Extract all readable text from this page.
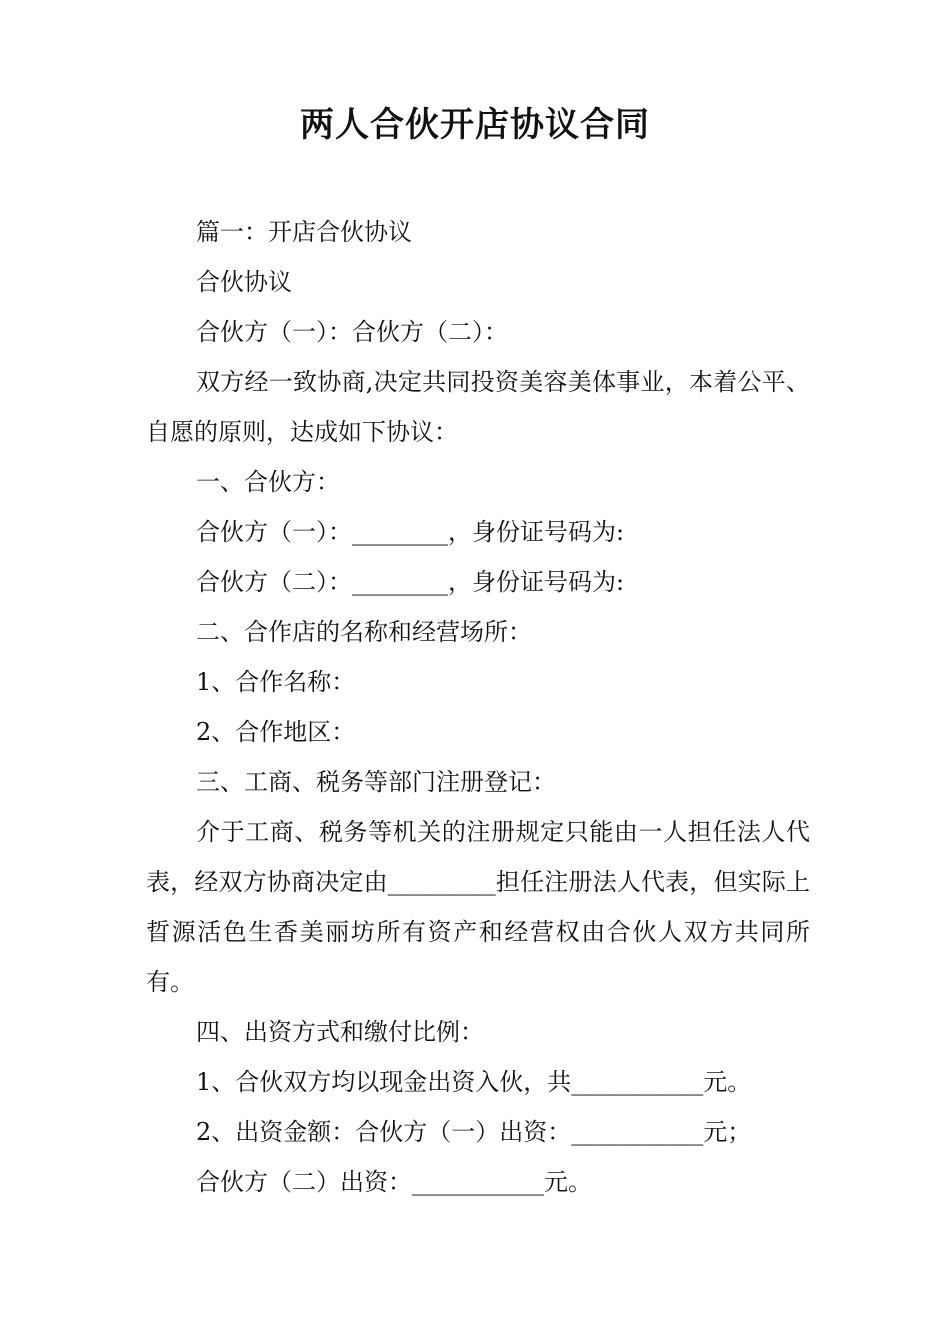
两人合伙开店协议合同

篇一：开店合伙协议

合伙协议

合伙方（一）：合伙方（二）：

双方经一致协商,决定共同投资美容美体事业，本着公平、自愿的原则，达成如下协议：

一、合伙方：

合伙方（一）：________，身份证号码为:

合伙方（二）：________，身份证号码为:

二、合作店的名称和经营场所：

1、合作名称：

2、合作地区：

三、工商、税务等部门注册登记：

介于工商、税务等机关的注册规定只能由一人担任法人代表，经双方协商决定由_________担任注册法人代表，但实际上晢源活色生香美丽坊所有资产和经营权由合伙人双方共同所有。

四、出资方式和缴付比例：

1、合伙双方均以现金出资入伙，共___________元。

2、出资金额：合伙方（一）出资：___________元；

合伙方（二）出资：___________元。
